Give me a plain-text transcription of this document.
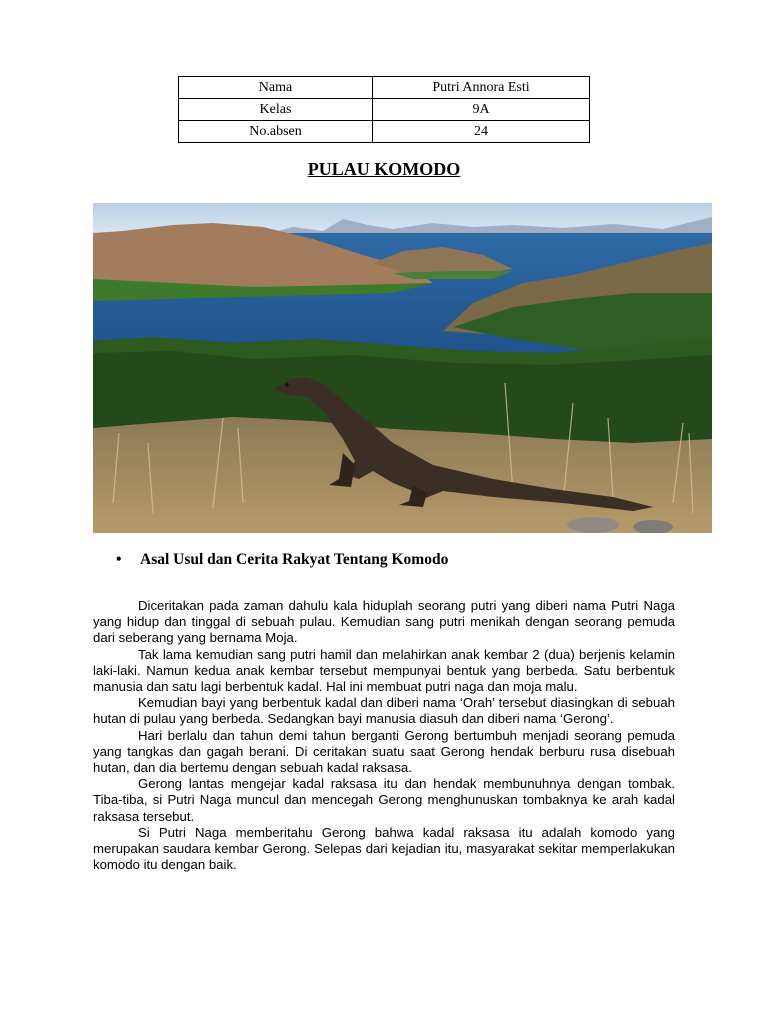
Nama	Putri Annora Esti
Kelas	9A
No.absen	24
PULAU KOMODO
• Asal Usul dan Cerita Rakyat Tentang Komodo

Diceritakan pada zaman dahulu kala hiduplah seorang putri yang diberi nama Putri Naga yang hidup dan tinggal di sebuah pulau. Kemudian sang putri menikah dengan seorang pemuda dari seberang yang bernama Moja.

Tak lama kemudian sang putri hamil dan melahirkan anak kembar 2 (dua) berjenis kelamin laki-laki. Namun kedua anak kembar tersebut mempunyai bentuk yang berbeda. Satu berbentuk manusia dan satu lagi berbentuk kadal. Hal ini membuat putri naga dan moja malu.

Kemudian bayi yang berbentuk kadal dan diberi nama ‘Orah’ tersebut diasingkan di sebuah hutan di pulau yang berbeda. Sedangkan bayi manusia diasuh dan diberi nama ‘Gerong’.

Hari berlalu dan tahun demi tahun berganti Gerong bertumbuh menjadi seorang pemuda yang tangkas dan gagah berani. Di ceritakan suatu saat Gerong hendak berburu rusa disebuah hutan, dan dia bertemu dengan sebuah kadal raksasa.

Gerong lantas mengejar kadal raksasa itu dan hendak membunuhnya dengan tombak. Tiba-tiba, si Putri Naga muncul dan mencegah Gerong menghunuskan tombaknya ke arah kadal raksasa tersebut.

Si Putri Naga memberitahu Gerong bahwa kadal raksasa itu adalah komodo yang merupakan saudara kembar Gerong. Selepas dari kejadian itu, masyarakat sekitar memperlakukan komodo itu dengan baik.
